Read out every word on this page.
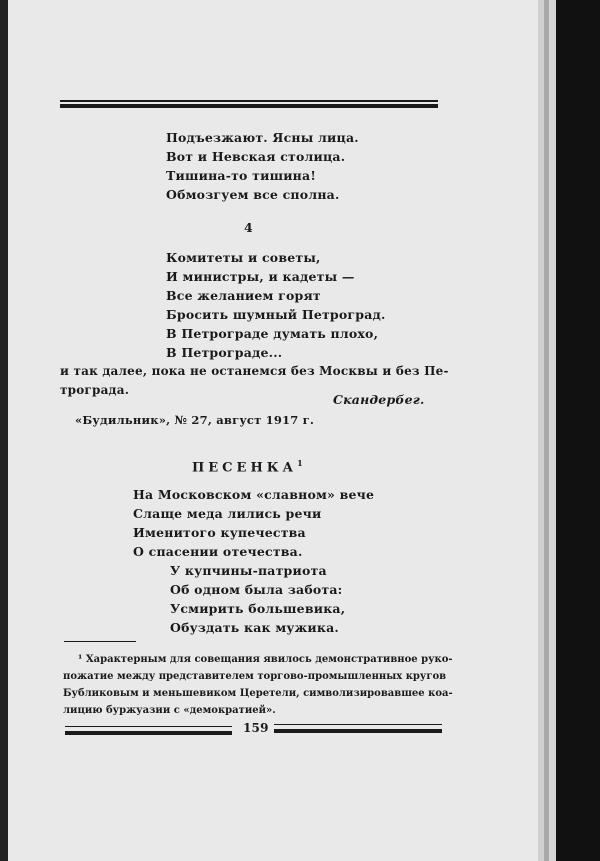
Подъезжают. Ясны лица.
Вот и Невская столица.
Тишина-то тишина!
Обмозгуем все сполна.
4
Комитеты и советы,
И министры, и кадеты —
Все желанием горят
Бросить шумный Петроград.
В Петрограде думать плохо,
В Петрограде...
и так далее, пока не останемся без Москвы и без Пе-
трограда.
Скандербег.
«Будильник», № 27, август 1917 г.
ПЕСЕНКА$^1$
На Московском «славном» вече
Слаще меда лились речи
Именитого купечества
О спасении отечества.
У купчины-патриота
Об одном была забота:
Усмирить большевика,
Обуздать как мужика.
¹ Характерным для совещания явилось демонстративное руко-
пожатие между представителем торгово-промышленных кругов
Бубликовым и меньшевиком Церетели, символизировавшее коа-
лицию буржуазии с «демократией».
159
